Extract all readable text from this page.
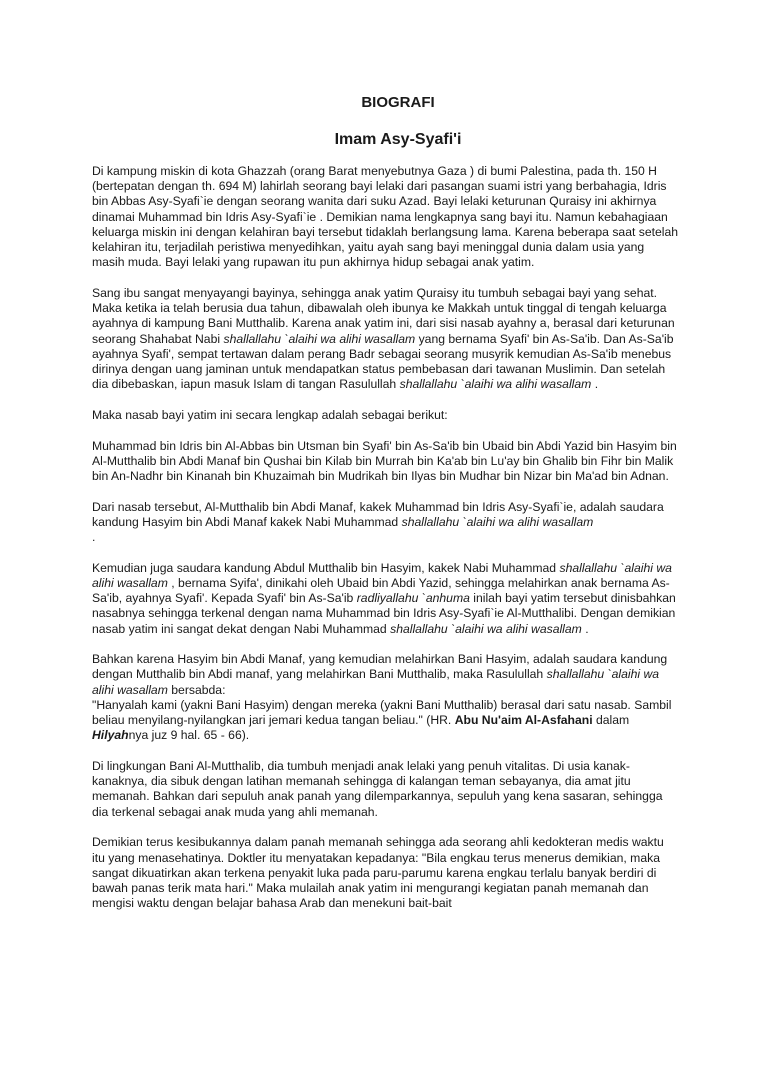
BIOGRAFI
Imam Asy-Syafi'i

Di kampung miskin di kota Ghazzah (orang Barat menyebutnya Gaza ) di bumi Palestina, pada th. 150 H (bertepatan dengan th. 694 M) lahirlah seorang bayi lelaki dari pasangan suami istri yang berbahagia, Idris bin Abbas Asy-Syafi`ie dengan seorang wanita dari suku Azad. Bayi lelaki keturunan Quraisy ini akhirnya dinamai Muhammad bin Idris Asy-Syafi`ie . Demikian nama lengkapnya sang bayi itu. Namun kebahagiaan keluarga miskin ini dengan kelahiran bayi tersebut tidaklah berlangsung lama. Karena beberapa saat setelah kelahiran itu, terjadilah peristiwa menyedihkan, yaitu ayah sang bayi meninggal dunia dalam usia yang masih muda. Bayi lelaki yang rupawan itu pun akhirnya hidup sebagai anak yatim.

Sang ibu sangat menyayangi bayinya, sehingga anak yatim Quraisy itu tumbuh sebagai bayi yang sehat. Maka ketika ia telah berusia dua tahun, dibawalah oleh ibunya ke Makkah untuk tinggal di tengah keluarga ayahnya di kampung Bani Mutthalib. Karena anak yatim ini, dari sisi nasab ayahny a, berasal dari keturunan seorang Shahabat Nabi shallallahu `alaihi wa alihi wasallam yang bernama Syafi' bin As-Sa'ib. Dan As-Sa'ib ayahnya Syafi', sempat tertawan dalam perang Badr sebagai seorang musyrik kemudian As-Sa'ib menebus dirinya dengan uang jaminan untuk mendapatkan status pembebasan dari tawanan Muslimin. Dan setelah dia dibebaskan, iapun masuk Islam di tangan Rasulullah shallallahu `alaihi wa alihi wasallam .

Maka nasab bayi yatim ini secara lengkap adalah sebagai berikut:

Muhammad bin Idris bin Al-Abbas bin Utsman bin Syafi' bin As-Sa'ib bin Ubaid bin Abdi Yazid bin Hasyim bin Al-Mutthalib bin Abdi Manaf bin Qushai bin Kilab bin Murrah bin Ka'ab bin Lu'ay bin Ghalib bin Fihr bin Malik bin An-Nadhr bin Kinanah bin Khuzaimah bin Mudrikah bin Ilyas bin Mudhar bin Nizar bin Ma'ad bin Adnan.

Dari nasab tersebut, Al-Mutthalib bin Abdi Manaf, kakek Muhammad bin Idris Asy-Syafi`ie, adalah saudara kandung Hasyim bin Abdi Manaf kakek Nabi Muhammad shallallahu `alaihi wa alihi wasallam
.

Kemudian juga saudara kandung Abdul Mutthalib bin Hasyim, kakek Nabi Muhammad shallallahu `alaihi wa alihi wasallam , bernama Syifa', dinikahi oleh Ubaid bin Abdi Yazid, sehingga melahirkan anak bernama As-Sa'ib, ayahnya Syafi'. Kepada Syafi' bin As-Sa'ib radliyallahu `anhuma inilah bayi yatim tersebut dinisbahkan nasabnya sehingga terkenal dengan nama Muhammad bin Idris Asy-Syafi`ie Al-Mutthalibi. Dengan demikian nasab yatim ini sangat dekat dengan Nabi Muhammad shallallahu `alaihi wa alihi wasallam .

Bahkan karena Hasyim bin Abdi Manaf, yang kemudian melahirkan Bani Hasyim, adalah saudara kandung dengan Mutthalib bin Abdi manaf, yang melahirkan Bani Mutthalib, maka Rasulullah shallallahu `alaihi wa alihi wasallam bersabda:
"Hanyalah kami (yakni Bani Hasyim) dengan mereka (yakni Bani Mutthalib) berasal dari satu nasab. Sambil beliau menyilang-nyilangkan jari jemari kedua tangan beliau." (HR. Abu Nu'aim Al-Asfahani dalam Hilyahnya juz 9 hal. 65 - 66).

Di lingkungan Bani Al-Mutthalib, dia tumbuh menjadi anak lelaki yang penuh vitalitas. Di usia kanak-kanaknya, dia sibuk dengan latihan memanah sehingga di kalangan teman sebayanya, dia amat jitu memanah. Bahkan dari sepuluh anak panah yang dilemparkannya, sepuluh yang kena sasaran, sehingga dia terkenal sebagai anak muda yang ahli memanah.

Demikian terus kesibukannya dalam panah memanah sehingga ada seorang ahli kedokteran medis waktu itu yang menasehatinya. Doktler itu menyatakan kepadanya: "Bila engkau terus menerus demikian, maka sangat dikuatirkan akan terkena penyakit luka pada paru-parumu karena engkau terlalu banyak berdiri di bawah panas terik mata hari." Maka mulailah anak yatim ini mengurangi kegiatan panah memanah dan mengisi waktu dengan belajar bahasa Arab dan menekuni bait-bait
